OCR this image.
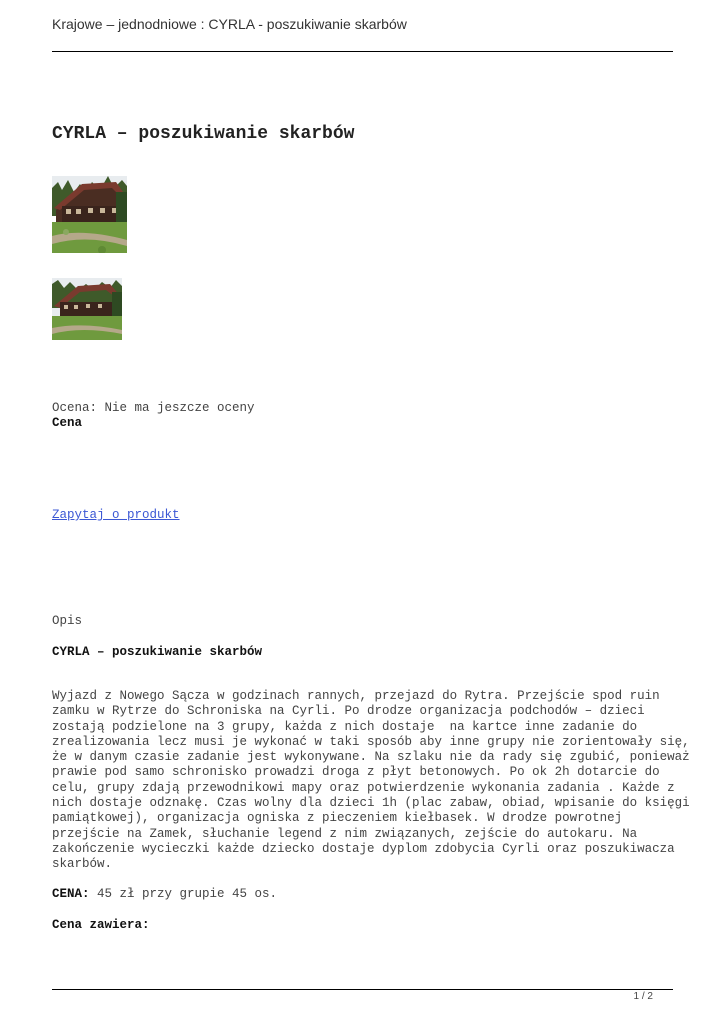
Krajowe – jednodniowe : CYRLA - poszukiwanie skarbów
CYRLA – poszukiwanie skarbów
Ocena: Nie ma jeszcze oceny
Cena
Zapytaj o produkt
Opis
CYRLA – poszukiwanie skarbów

Wyjazd z Nowego Sącza w godzinach rannych, przejazd do Rytra. Przejście spod ruin
zamku w Rytrze do Schroniska na Cyrli. Po drodze organizacja podchodów – dzieci
zostają podzielone na 3 grupy, każda z nich dostaje  na kartce inne zadanie do
zrealizowania lecz musi je wykonać w taki sposób aby inne grupy nie zorientowały się,
że w danym czasie zadanie jest wykonywane. Na szlaku nie da rady się zgubić, ponieważ
prawie pod samo schronisko prowadzi droga z płyt betonowych. Po ok 2h dotarcie do
celu, grupy zdają przewodnikowi mapy oraz potwierdzenie wykonania zadania . Każde z
nich dostaje odznakę. Czas wolny dla dzieci 1h (plac zabaw, obiad, wpisanie do księgi
pamiątkowej), organizacja ogniska z pieczeniem kiełbasek. W drodze powrotnej
przejście na Zamek, słuchanie legend z nim związanych, zejście do autokaru. Na
zakończenie wycieczki każde dziecko dostaje dyplom zdobycia Cyrli oraz poszukiwacza
skarbów.

CENA: 45 zł przy grupie 45 os.
Cena zawiera:
1 / 2
